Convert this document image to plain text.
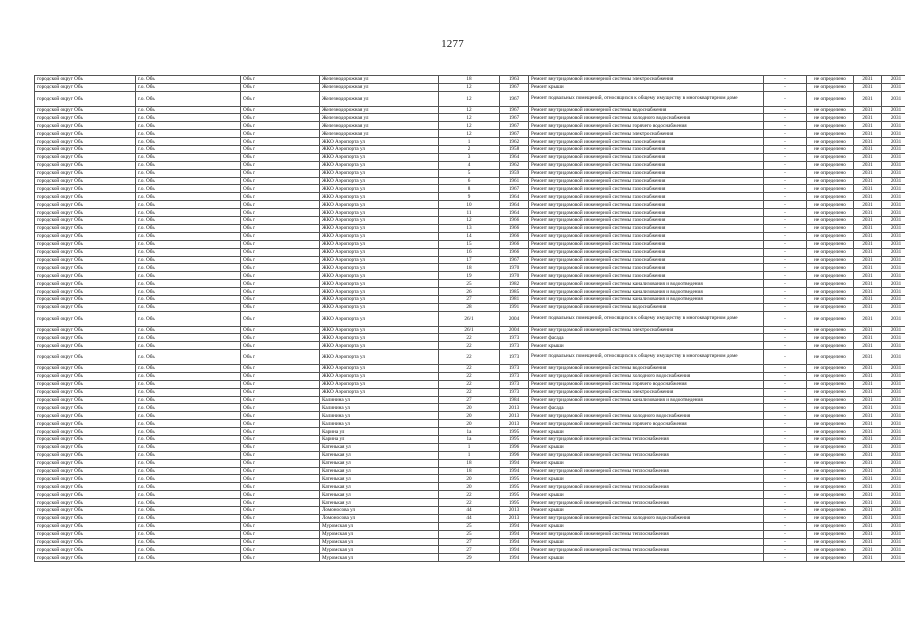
1277
городской округ Обь	г.о. Обь	Обь г	Железнодорожная ул	18	1963	Ремонт внутридомовой инженерной системы электроснабжения	-	не определено	2031	2031
городской округ Обь	г.о. Обь	Обь г	Железнодорожная ул	12	1967	Ремонт крыши	-	не определено	2031	2031
городской округ Обь	г.о. Обь	Обь г	Железнодорожная ул	12	1967	Ремонт подвальных помещений, относящихся к общему имуществу в многоквартирном доме	-	не определено	2031	2031
городской округ Обь	г.о. Обь	Обь г	Железнодорожная ул	12	1967	Ремонт внутридомовой инженерной системы водоснабжения	-	не определено	2031	2031
городской округ Обь	г.о. Обь	Обь г	Железнодорожная ул	12	1967	Ремонт внутридомовой инженерной системы холодного водоснабжения	-	не определено	2031	2031
городской округ Обь	г.о. Обь	Обь г	Железнодорожная ул	12	1967	Ремонт внутридомовой инженерной системы горячего водоснабжения	-	не определено	2031	2031
городской округ Обь	г.о. Обь	Обь г	Железнодорожная ул	12	1967	Ремонт внутридомовой инженерной системы электроснабжения	-	не определено	2031	2031
городской округ Обь	г.о. Обь	Обь г	ЖКО Аэропорта ул	1	1962	Ремонт внутридомовой инженерной системы газоснабжения	-	не определено	2031	2031
городской округ Обь	г.о. Обь	Обь г	ЖКО Аэропорта ул	2	1958	Ремонт внутридомовой инженерной системы газоснабжения	-	не определено	2031	2031
городской округ Обь	г.о. Обь	Обь г	ЖКО Аэропорта ул	3	1964	Ремонт внутридомовой инженерной системы газоснабжения	-	не определено	2031	2031
городской округ Обь	г.о. Обь	Обь г	ЖКО Аэропорта ул	4	1962	Ремонт внутридомовой инженерной системы газоснабжения	-	не определено	2031	2031
городской округ Обь	г.о. Обь	Обь г	ЖКО Аэропорта ул	5	1959	Ремонт внутридомовой инженерной системы газоснабжения	-	не определено	2031	2031
городской округ Обь	г.о. Обь	Обь г	ЖКО Аэропорта ул	6	1961	Ремонт внутридомовой инженерной системы газоснабжения	-	не определено	2031	2031
городской округ Обь	г.о. Обь	Обь г	ЖКО Аэропорта ул	8	1967	Ремонт внутридомовой инженерной системы газоснабжения	-	не определено	2031	2031
городской округ Обь	г.о. Обь	Обь г	ЖКО Аэропорта ул	9	1964	Ремонт внутридомовой инженерной системы газоснабжения	-	не определено	2031	2031
городской округ Обь	г.о. Обь	Обь г	ЖКО Аэропорта ул	10	1964	Ремонт внутридомовой инженерной системы газоснабжения	-	не определено	2031	2031
городской округ Обь	г.о. Обь	Обь г	ЖКО Аэропорта ул	11	1964	Ремонт внутридомовой инженерной системы газоснабжения	-	не определено	2031	2031
городской округ Обь	г.о. Обь	Обь г	ЖКО Аэропорта ул	12	1966	Ремонт внутридомовой инженерной системы газоснабжения	-	не определено	2031	2031
городской округ Обь	г.о. Обь	Обь г	ЖКО Аэропорта ул	13	1966	Ремонт внутридомовой инженерной системы газоснабжения	-	не определено	2031	2031
городской округ Обь	г.о. Обь	Обь г	ЖКО Аэропорта ул	14	1966	Ремонт внутридомовой инженерной системы газоснабжения	-	не определено	2031	2031
городской округ Обь	г.о. Обь	Обь г	ЖКО Аэропорта ул	15	1966	Ремонт внутридомовой инженерной системы газоснабжения	-	не определено	2031	2031
городской округ Обь	г.о. Обь	Обь г	ЖКО Аэропорта ул	16	1966	Ремонт внутридомовой инженерной системы газоснабжения	-	не определено	2031	2031
городской округ Обь	г.о. Обь	Обь г	ЖКО Аэропорта ул	17	1967	Ремонт внутридомовой инженерной системы газоснабжения	-	не определено	2031	2031
городской округ Обь	г.о. Обь	Обь г	ЖКО Аэропорта ул	18	1970	Ремонт внутридомовой инженерной системы газоснабжения	-	не определено	2031	2031
городской округ Обь	г.о. Обь	Обь г	ЖКО Аэропорта ул	19	1970	Ремонт внутридомовой инженерной системы газоснабжения	-	не определено	2031	2031
городской округ Обь	г.о. Обь	Обь г	ЖКО Аэропорта ул	25	1982	Ремонт внутридомовой инженерной системы канализования и водоотведения	-	не определено	2031	2031
городской округ Обь	г.о. Обь	Обь г	ЖКО Аэропорта ул	26	1985	Ремонт внутридомовой инженерной системы канализования и водоотведения	-	не определено	2031	2031
городской округ Обь	г.о. Обь	Обь г	ЖКО Аэропорта ул	27	1981	Ремонт внутридомовой инженерной системы канализования и водоотведения	-	не определено	2031	2031
городской округ Обь	г.о. Обь	Обь г	ЖКО Аэропорта ул	28	1991	Ремонт внутридомовой инженерной системы водоснабжения	-	не определено	2031	2031
городской округ Обь	г.о. Обь	Обь г	ЖКО Аэропорта ул	26/1	2004	Ремонт подвальных помещений, относящихся к общему имуществу в многоквартирном доме	-	не определено	2031	2031
городской округ Обь	г.о. Обь	Обь г	ЖКО Аэропорта ул	26/1	2004	Ремонт внутридомовой инженерной системы электроснабжения	-	не определено	2031	2031
городской округ Обь	г.о. Обь	Обь г	ЖКО Аэропорта ул	22	1973	Ремонт фасада	-	не определено	2031	2031
городской округ Обь	г.о. Обь	Обь г	ЖКО Аэропорта ул	22	1973	Ремонт крыши	-	не определено	2031	2031
городской округ Обь	г.о. Обь	Обь г	ЖКО Аэропорта ул	22	1973	Ремонт подвальных помещений, относящихся к общему имуществу в многоквартирном доме	-	не определено	2031	2031
городской округ Обь	г.о. Обь	Обь г	ЖКО Аэропорта ул	22	1973	Ремонт внутридомовой инженерной системы водоснабжения	-	не определено	2031	2031
городской округ Обь	г.о. Обь	Обь г	ЖКО Аэропорта ул	22	1973	Ремонт внутридомовой инженерной системы холодного водоснабжения	-	не определено	2031	2031
городской округ Обь	г.о. Обь	Обь г	ЖКО Аэропорта ул	22	1973	Ремонт внутридомовой инженерной системы горячего водоснабжения	-	не определено	2031	2031
городской округ Обь	г.о. Обь	Обь г	ЖКО Аэропорта ул	22	1973	Ремонт внутридомовой инженерной системы электроснабжения	-	не определено	2031	2031
городской округ Обь	г.о. Обь	Обь г	Калинина ул	27	1984	Ремонт внутридомовой инженерной системы канализования и водоотведения	-	не определено	2031	2031
городской округ Обь	г.о. Обь	Обь г	Калинина ул	20	2013	Ремонт фасада	-	не определено	2031	2031
городской округ Обь	г.о. Обь	Обь г	Калинина ул	20	2013	Ремонт внутридомовой инженерной системы холодного водоснабжения	-	не определено	2031	2031
городской округ Обь	г.о. Обь	Обь г	Калинина ул	20	2013	Ремонт внутридомовой инженерной системы горячего водоснабжения	-	не определено	2031	2031
городской округ Обь	г.о. Обь	Обь г	Карина ул	1а	1995	Ремонт крыши	-	не определено	2031	2031
городской округ Обь	г.о. Обь	Обь г	Карина ул	1а	1995	Ремонт внутридомовой инженерной системы теплоснабжения	-	не определено	2031	2031
городской округ Обь	г.о. Обь	Обь г	Катенькая ул	1	1996	Ремонт крыши	-	не определено	2031	2031
городской округ Обь	г.о. Обь	Обь г	Катенькая ул	1	1996	Ремонт внутридомовой инженерной системы теплоснабжения	-	не определено	2031	2031
городской округ Обь	г.о. Обь	Обь г	Катенькая ул	18	1994	Ремонт крыши	-	не определено	2031	2031
городской округ Обь	г.о. Обь	Обь г	Катенькая ул	18	1994	Ремонт внутридомовой инженерной системы теплоснабжения	-	не определено	2031	2031
городской округ Обь	г.о. Обь	Обь г	Катенькая ул	20	1995	Ремонт крыши	-	не определено	2031	2031
городской округ Обь	г.о. Обь	Обь г	Катенькая ул	20	1995	Ремонт внутридомовой инженерной системы теплоснабжения	-	не определено	2031	2031
городской округ Обь	г.о. Обь	Обь г	Катенькая ул	22	1995	Ремонт крыши	-	не определено	2031	2031
городской округ Обь	г.о. Обь	Обь г	Катенькая ул	22	1995	Ремонт внутридомовой инженерной системы теплоснабжения	-	не определено	2031	2031
городской округ Обь	г.о. Обь	Обь г	Ломоносова ул	44	2013	Ремонт крыши	-	не определено	2031	2031
городской округ Обь	г.о. Обь	Обь г	Ломоносова ул	44	2013	Ремонт внутридомовой инженерной системы холодного водоснабжения	-	не определено	2031	2031
городской округ Обь	г.о. Обь	Обь г	Муромская ул	25	1994	Ремонт крыши	-	не определено	2031	2031
городской округ Обь	г.о. Обь	Обь г	Муромская ул	25	1994	Ремонт внутридомовой инженерной системы теплоснабжения	-	не определено	2031	2031
городской округ Обь	г.о. Обь	Обь г	Муромская ул	27	1994	Ремонт крыши	-	не определено	2031	2031
городской округ Обь	г.о. Обь	Обь г	Муромская ул	27	1994	Ремонт внутридомовой инженерной системы теплоснабжения	-	не определено	2031	2031
городской округ Обь	г.о. Обь	Обь г	Муромская ул	29	1994	Ремонт крыши	-	не определено	2031	2031
